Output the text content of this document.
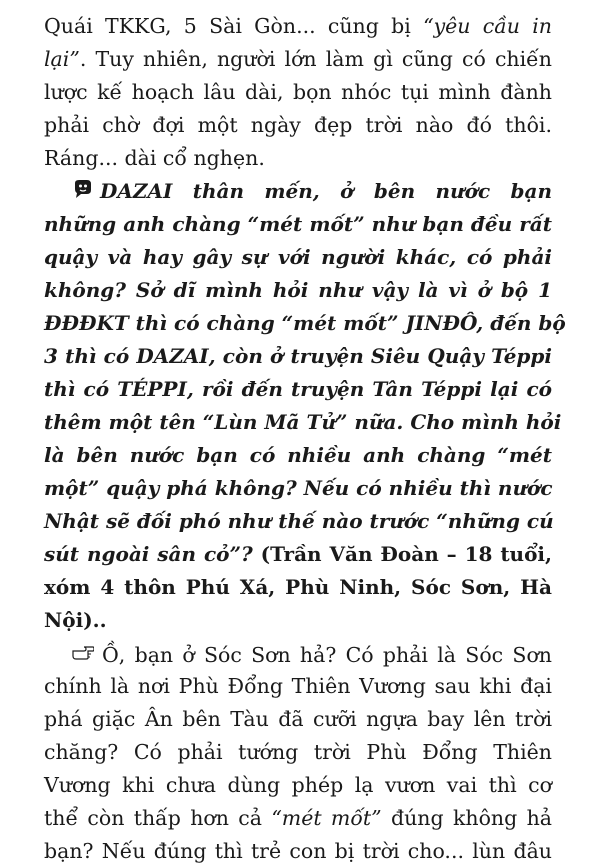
Quái TKKG, 5 Sài Gòn... cũng bị “yêu cầu in
lại”. Tuy nhiên, người lớn làm gì cũng có chiến
lược kế hoạch lâu dài, bọn nhóc tụi mình đành
phải chờ đợi một ngày đẹp trời nào đó thôi.
Ráng... dài cổ nghẹn.
DAZAI thân mến, ở bên nước bạn
những anh chàng “mét mốt” như bạn đều rất
quậy và hay gây sự với người khác, có phải
không? Sở dĩ mình hỏi như vậy là vì ở bộ 1
ĐĐĐKT thì có chàng “mét mốt” JINĐÔ, đến bộ
3 thì có DAZAI, còn ở truyện Siêu Quậy Téppi
thì có TÉPPI, rồi đến truyện Tân Téppi lại có
thêm một tên “Lùn Mã Tử” nữa. Cho mình hỏi
là bên nước bạn có nhiều anh chàng “mét
một” quậy phá không? Nếu có nhiều thì nước
Nhật sẽ đối phó như thế nào trước “những cú
sút ngoài sân cỏ”? (Trần Văn Đoàn – 18 tuổi,
xóm 4 thôn Phú Xá, Phù Ninh, Sóc Sơn, Hà
Nội)..
Ồ, bạn ở Sóc Sơn hả? Có phải là Sóc Sơn
chính là nơi Phù Đổng Thiên Vương sau khi đại
phá giặc Ân bên Tàu đã cưỡi ngựa bay lên trời
chăng? Có phải tướng trời Phù Đổng Thiên
Vương khi chưa dùng phép lạ vươn vai thì cơ
thể còn thấp hơn cả “mét mốt” đúng không hả
bạn? Nếu đúng thì trẻ con bị trời cho... lùn đâu
